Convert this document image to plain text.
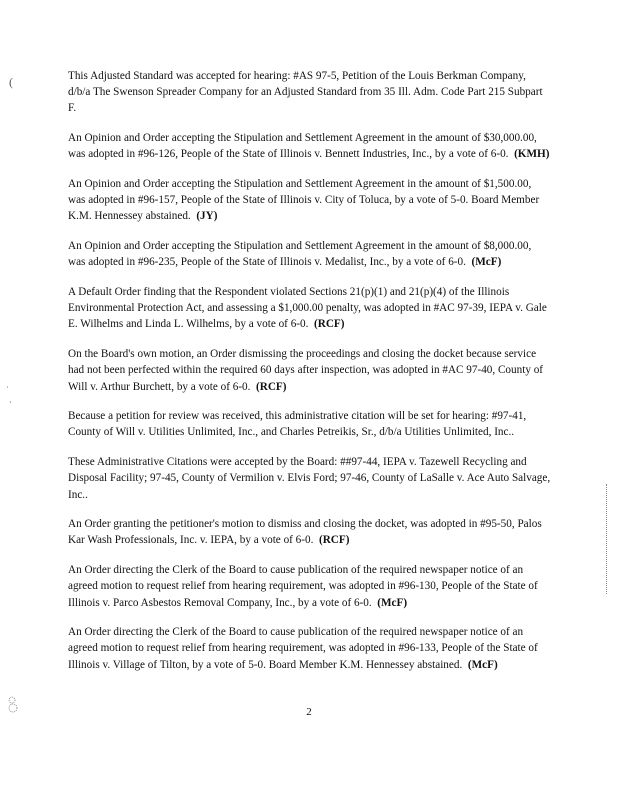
(
˙
`

This Adjusted Standard was accepted for hearing: #AS 97-5, Petition of the Louis Berkman Company, d/b/a The Swenson Spreader Company for an Adjusted Standard from 35 Ill. Adm. Code Part 215 Subpart F.

An Opinion and Order accepting the Stipulation and Settlement Agreement in the amount of $30,000.00, was adopted in #96-126, People of the State of Illinois v. Bennett Industries, Inc., by a vote of 6-0. (KMH)

An Opinion and Order accepting the Stipulation and Settlement Agreement in the amount of $1,500.00, was adopted in #96-157, People of the State of Illinois v. City of Toluca, by a vote of 5-0. Board Member K.M. Hennessey abstained. (JY)

An Opinion and Order accepting the Stipulation and Settlement Agreement in the amount of $8,000.00, was adopted in #96-235, People of the State of Illinois v. Medalist, Inc., by a vote of 6-0. (McF)

A Default Order finding that the Respondent violated Sections 21(p)(1) and 21(p)(4) of the Illinois Environmental Protection Act, and assessing a $1,000.00 penalty, was adopted in #AC 97-39, IEPA v. Gale E. Wilhelms and Linda L. Wilhelms, by a vote of 6-0. (RCF)

On the Board's own motion, an Order dismissing the proceedings and closing the docket because service had not been perfected within the required 60 days after inspection, was adopted in #AC 97-40, County of Will v. Arthur Burchett, by a vote of 6-0. (RCF)

Because a petition for review was received, this administrative citation will be set for hearing: #97-41, County of Will v. Utilities Unlimited, Inc., and Charles Petreikis, Sr., d/b/a Utilities Unlimited, Inc..

These Administrative Citations were accepted by the Board: ##97-44, IEPA v. Tazewell Recycling and Disposal Facility; 97-45, County of Vermilion v. Elvis Ford; 97-46, County of LaSalle v. Ace Auto Salvage, Inc..

An Order granting the petitioner's motion to dismiss and closing the docket, was adopted in #95-50, Palos Kar Wash Professionals, Inc. v. IEPA, by a vote of 6-0. (RCF)

An Order directing the Clerk of the Board to cause publication of the required newspaper notice of an agreed motion to request relief from hearing requirement, was adopted in #96-130, People of the State of Illinois v. Parco Asbestos Removal Company, Inc., by a vote of 6-0. (McF)

An Order directing the Clerk of the Board to cause publication of the required newspaper notice of an agreed motion to request relief from hearing requirement, was adopted in #96-133, People of the State of Illinois v. Village of Tilton, by a vote of 5-0. Board Member K.M. Hennessey abstained. (McF)

2
